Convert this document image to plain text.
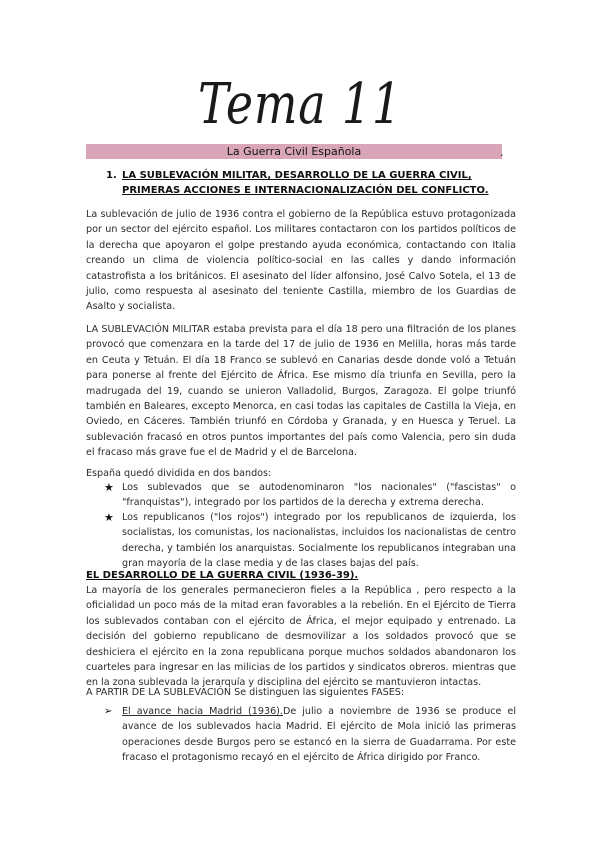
Tema 11
La Guerra Civil Española	.
1. LA SUBLEVACIÓN MILITAR, DESARROLLO DE LA GUERRA CIVIL, PRIMERAS ACCIONES E INTERNACIONALIZACIÓN DEL CONFLICTO.

La sublevación de julio de 1936 contra el gobierno de la República estuvo protagonizada por un sector del ejército español. Los militares contactaron con los partidos políticos de la derecha que apoyaron el golpe prestando ayuda económica, contactando con Italia creando un clima de violencia político-social en las calles y dando información catastrofista a los británicos. El asesinato del líder alfonsino, José Calvo Sotela, el 13 de julio, como respuesta al asesinato del teniente Castilla, miembro de los Guardias de Asalto y socialista.

LA SUBLEVACIÓN MILITAR estaba prevista para el día 18 pero una filtración de los planes provocó que comenzara en la tarde del 17 de julio de 1936 en Melilla, horas más tarde en Ceuta y Tetuán. El día 18 Franco se sublevó en Canarias desde donde voló a Tetuán para ponerse al frente del Ejército de África. Ese mismo día triunfa en Sevilla, pero la madrugada del 19, cuando se unieron Valladolid, Burgos, Zaragoza. El golpe triunfó también en Baleares, excepto Menorca, en casi todas las capitales de Castilla la Vieja, en Oviedo, en Cáceres. También triunfó en Córdoba y Granada, y en Huesca y Teruel. La sublevación fracasó en otros puntos importantes del país como Valencia, pero sin duda el fracaso más grave fue el de Madrid y el de Barcelona.

España quedó dividida en dos bandos:

★ Los sublevados que se autodenominaron "los nacionales" ("fascistas" o "franquistas"), integrado por los partidos de la derecha y extrema derecha.
★ Los republicanos ("los rojos") integrado por los republicanos de izquierda, los socialistas, los comunistas, los nacionalistas, incluidos los nacionalistas de centro derecha, y también los anarquistas. Socialmente los republicanos integraban una gran mayoría de la clase media y de las clases bajas del país.
EL DESARROLLO DE LA GUERRA CIVIL (1936-39).

La mayoría de los generales permanecieron fieles a la República , pero respecto a la oficialidad un poco más de la mitad eran favorables a la rebelión. En el Ejército de Tierra los sublevados contaban con el ejército de África, el mejor equipado y entrenado. La decisión del gobierno republicano de desmovilizar a los soldados provocó que se deshiciera el ejército en la zona republicana porque muchos soldados abandonaron los cuarteles para ingresar en las milicias de los partidos y sindicatos obreros. mientras que en la zona sublevada la jerarquía y disciplina del ejército se mantuvieron intactas.

A PARTIR DE LA SUBLEVACIÓN Se distinguen las siguientes FASES:

➢ El avance hacia Madrid (1936).De julio a noviembre de 1936 se produce el avance de los sublevados hacia Madrid. El ejército de Mola inició las primeras operaciones desde Burgos pero se estancó en la sierra de Guadarrama. Por este fracaso el protagonismo recayó en el ejército de África dirigido por Franco.
